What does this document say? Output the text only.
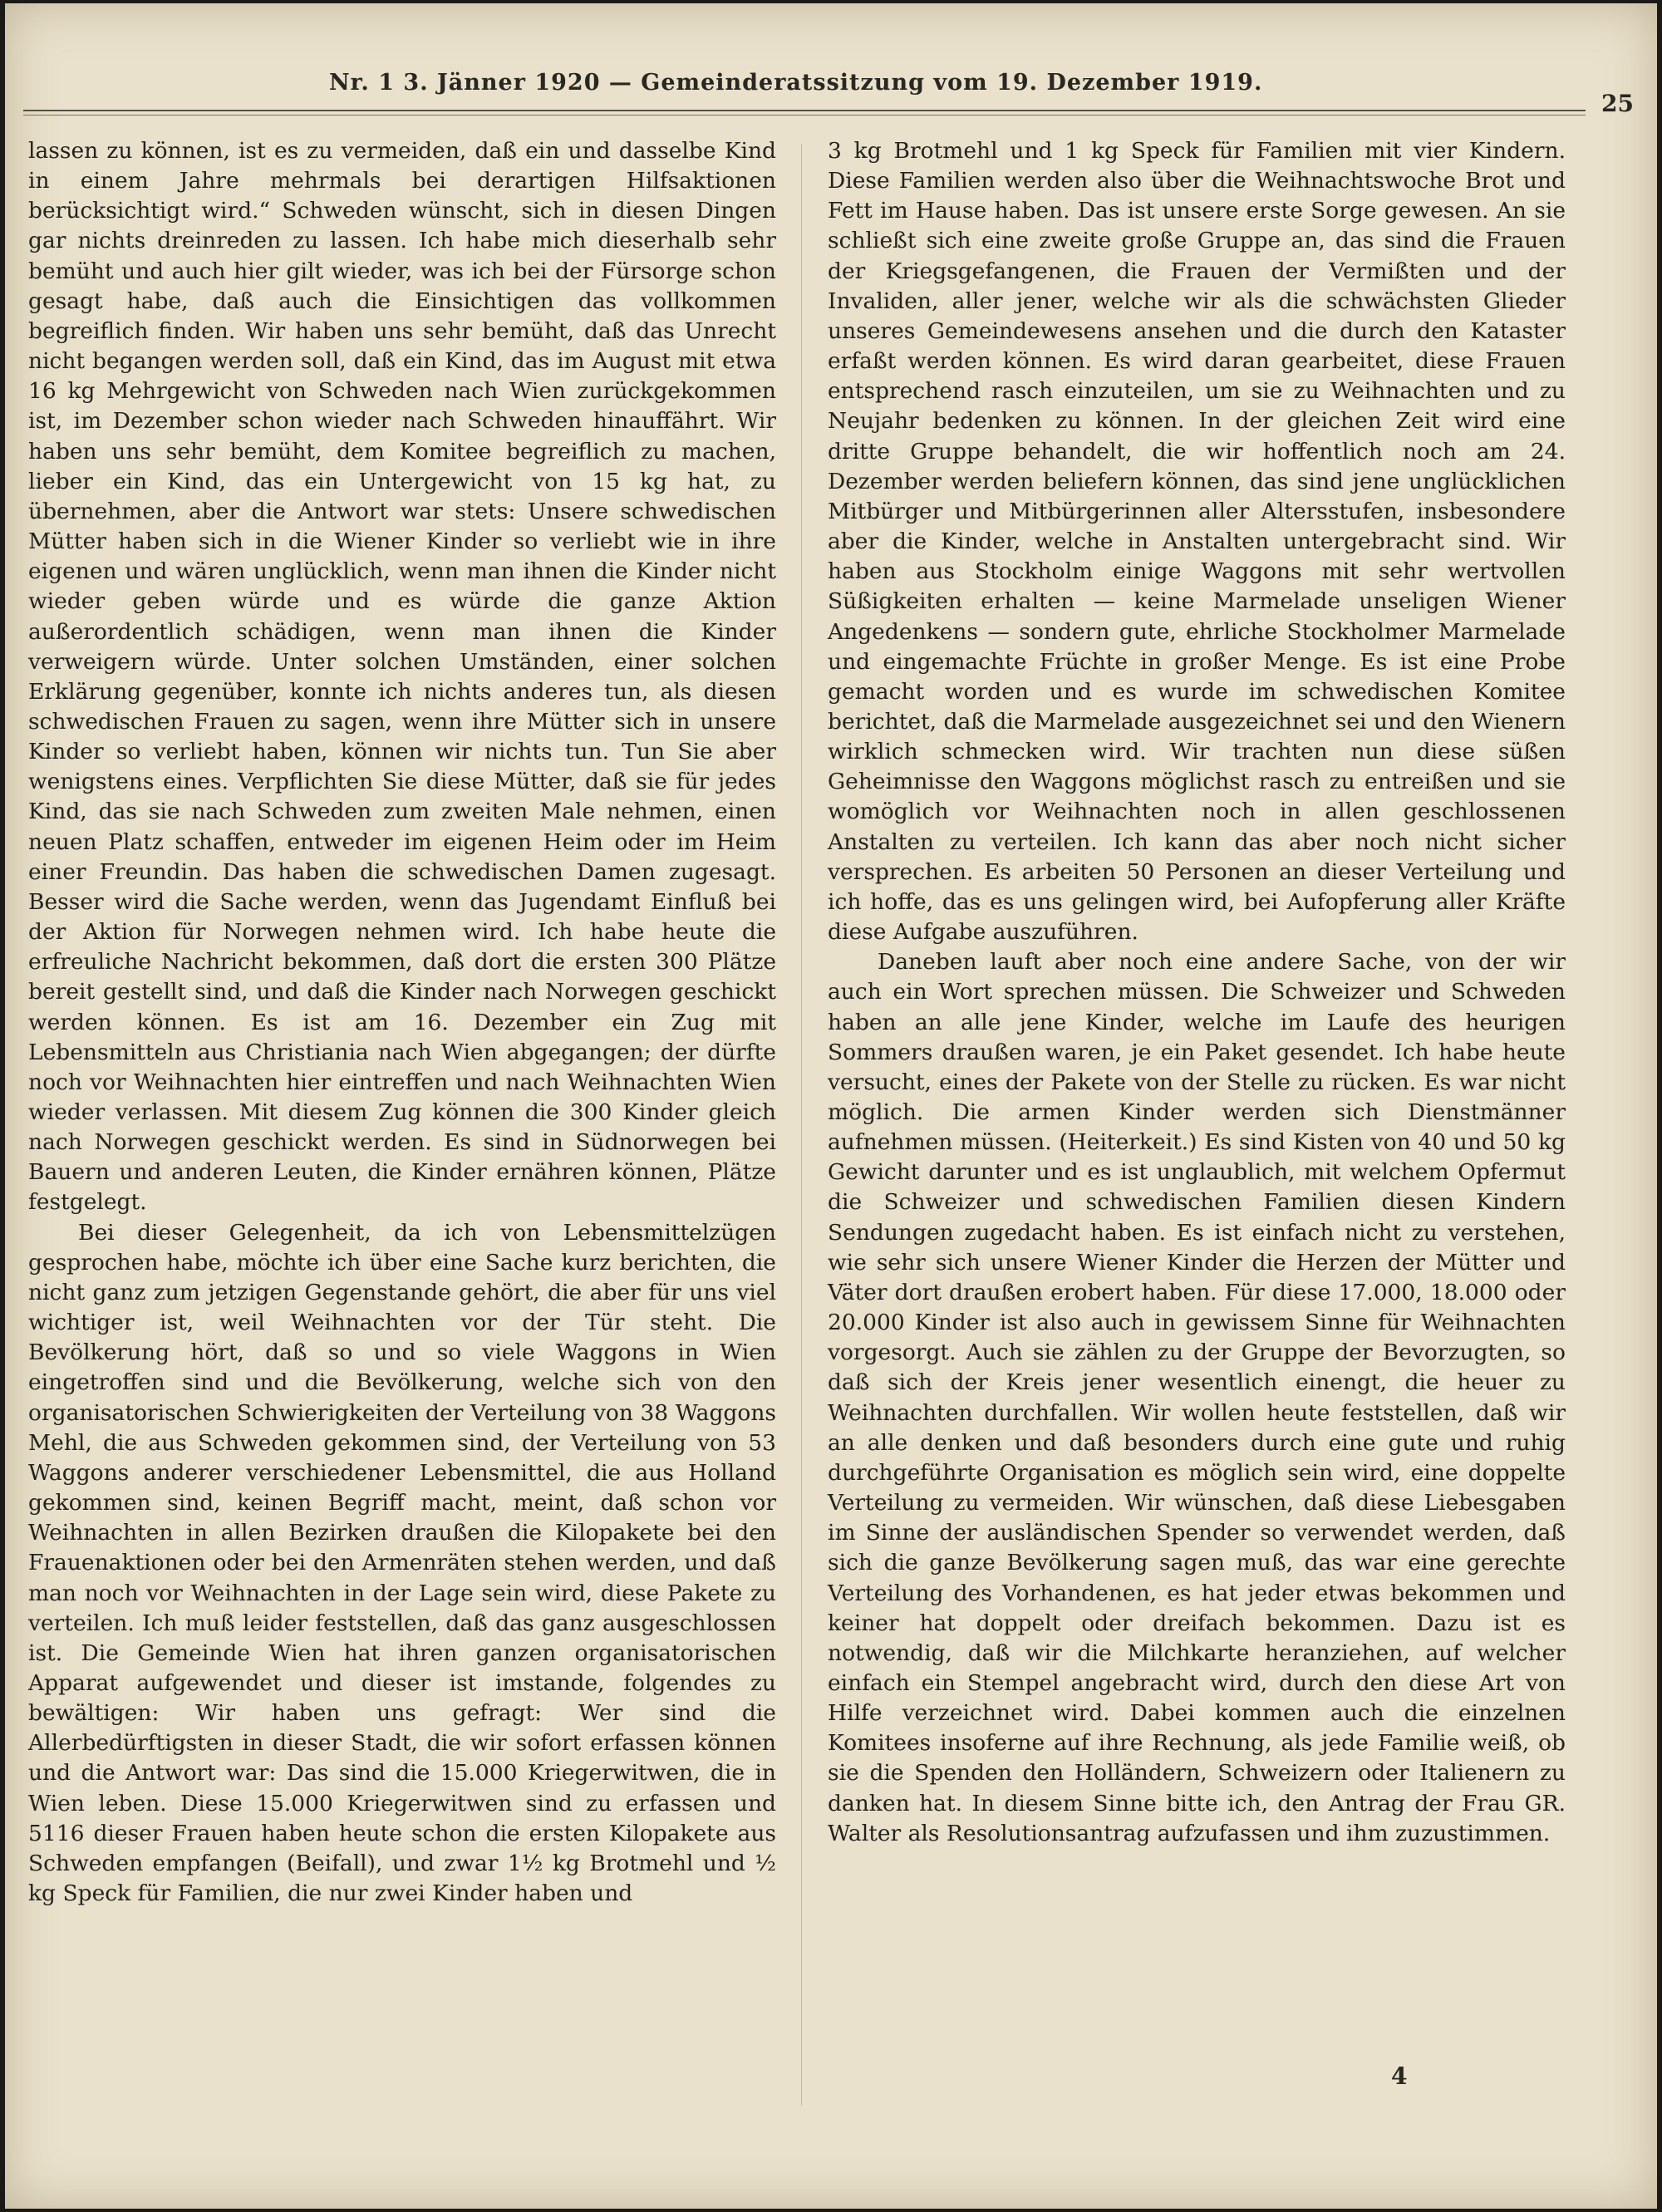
Nr. 1 3. Jänner 1920 — Gemeinderatssitzung vom 19. Dezember 1919.
25

lassen zu können, ist es zu vermeiden, daß ein und dasselbe Kind in einem Jahre mehrmals bei derartigen Hilfsaktionen berücksichtigt wird.“ Schweden wünscht, sich in diesen Dingen gar nichts dreinreden zu lassen. Ich habe mich dieserhalb sehr bemüht und auch hier gilt wieder, was ich bei der Fürsorge schon gesagt habe, daß auch die Einsichtigen das vollkommen begreiflich finden. Wir haben uns sehr bemüht, daß das Unrecht nicht begangen werden soll, daß ein Kind, das im August mit etwa 16 kg Mehrgewicht von Schweden nach Wien zurückgekommen ist, im Dezember schon wieder nach Schweden hinauffährt. Wir haben uns sehr bemüht, dem Komitee begreiflich zu machen, lieber ein Kind, das ein Untergewicht von 15 kg hat, zu übernehmen, aber die Antwort war stets: Unsere schwedischen Mütter haben sich in die Wiener Kinder so verliebt wie in ihre eigenen und wären unglücklich, wenn man ihnen die Kinder nicht wieder geben würde und es würde die ganze Aktion außerordentlich schädigen, wenn man ihnen die Kinder verweigern würde. Unter solchen Umständen, einer solchen Erklärung gegenüber, konnte ich nichts anderes tun, als diesen schwedischen Frauen zu sagen, wenn ihre Mütter sich in unsere Kinder so verliebt haben, können wir nichts tun. Tun Sie aber wenigstens eines. Verpflichten Sie diese Mütter, daß sie für jedes Kind, das sie nach Schweden zum zweiten Male nehmen, einen neuen Platz schaffen, entweder im eigenen Heim oder im Heim einer Freundin. Das haben die schwedischen Damen zugesagt. Besser wird die Sache werden, wenn das Jugendamt Einfluß bei der Aktion für Norwegen nehmen wird. Ich habe heute die erfreuliche Nachricht bekommen, daß dort die ersten 300 Plätze bereit gestellt sind, und daß die Kinder nach Norwegen geschickt werden können. Es ist am 16. Dezember ein Zug mit Lebensmitteln aus Christiania nach Wien abgegangen; der dürfte noch vor Weihnachten hier eintreffen und nach Weihnachten Wien wieder verlassen. Mit diesem Zug können die 300 Kinder gleich nach Norwegen geschickt werden. Es sind in Südnorwegen bei Bauern und anderen Leuten, die Kinder ernähren können, Plätze festgelegt.

Bei dieser Gelegenheit, da ich von Lebensmittelzügen gesprochen habe, möchte ich über eine Sache kurz berichten, die nicht ganz zum jetzigen Gegenstande gehört, die aber für uns viel wichtiger ist, weil Weihnachten vor der Tür steht. Die Bevölkerung hört, daß so und so viele Waggons in Wien eingetroffen sind und die Bevölkerung, welche sich von den organisatorischen Schwierigkeiten der Verteilung von 38 Waggons Mehl, die aus Schweden gekommen sind, der Verteilung von 53 Waggons anderer verschiedener Lebensmittel, die aus Holland gekommen sind, keinen Begriff macht, meint, daß schon vor Weihnachten in allen Bezirken draußen die Kilopakete bei den Frauenaktionen oder bei den Armenräten stehen werden, und daß man noch vor Weihnachten in der Lage sein wird, diese Pakete zu verteilen. Ich muß leider feststellen, daß das ganz ausgeschlossen ist. Die Gemeinde Wien hat ihren ganzen organisatorischen Apparat aufgewendet und dieser ist imstande, folgendes zu bewältigen: Wir haben uns gefragt: Wer sind die Allerbedürftigsten in dieser Stadt, die wir sofort erfassen können und die Antwort war: Das sind die 15.000 Kriegerwitwen, die in Wien leben. Diese 15.000 Kriegerwitwen sind zu erfassen und 5116 dieser Frauen haben heute schon die ersten Kilopakete aus Schweden empfangen (Beifall), und zwar 1½ kg Brotmehl und ½ kg Speck für Familien, die nur zwei Kinder haben und

3 kg Brotmehl und 1 kg Speck für Familien mit vier Kindern. Diese Familien werden also über die Weihnachtswoche Brot und Fett im Hause haben. Das ist unsere erste Sorge gewesen. An sie schließt sich eine zweite große Gruppe an, das sind die Frauen der Kriegsgefangenen, die Frauen der Vermißten und der Invaliden, aller jener, welche wir als die schwächsten Glieder unseres Gemeindewesens ansehen und die durch den Kataster erfaßt werden können. Es wird daran gearbeitet, diese Frauen entsprechend rasch einzuteilen, um sie zu Weihnachten und zu Neujahr bedenken zu können. In der gleichen Zeit wird eine dritte Gruppe behandelt, die wir hoffentlich noch am 24. Dezember werden beliefern können, das sind jene unglücklichen Mitbürger und Mitbürgerinnen aller Altersstufen, insbesondere aber die Kinder, welche in Anstalten untergebracht sind. Wir haben aus Stockholm einige Waggons mit sehr wertvollen Süßigkeiten erhalten — keine Marmelade unseligen Wiener Angedenkens — sondern gute, ehrliche Stockholmer Marmelade und eingemachte Früchte in großer Menge. Es ist eine Probe gemacht worden und es wurde im schwedischen Komitee berichtet, daß die Marmelade ausgezeichnet sei und den Wienern wirklich schmecken wird. Wir trachten nun diese süßen Geheimnisse den Waggons möglichst rasch zu entreißen und sie womöglich vor Weihnachten noch in allen geschlossenen Anstalten zu verteilen. Ich kann das aber noch nicht sicher versprechen. Es arbeiten 50 Personen an dieser Verteilung und ich hoffe, das es uns gelingen wird, bei Aufopferung aller Kräfte diese Aufgabe auszuführen.

Daneben lauft aber noch eine andere Sache, von der wir auch ein Wort sprechen müssen. Die Schweizer und Schweden haben an alle jene Kinder, welche im Laufe des heurigen Sommers draußen waren, je ein Paket gesendet. Ich habe heute versucht, eines der Pakete von der Stelle zu rücken. Es war nicht möglich. Die armen Kinder werden sich Dienstmänner aufnehmen müssen. (Heiterkeit.) Es sind Kisten von 40 und 50 kg Gewicht darunter und es ist unglaublich, mit welchem Opfermut die Schweizer und schwedischen Familien diesen Kindern Sendungen zugedacht haben. Es ist einfach nicht zu verstehen, wie sehr sich unsere Wiener Kinder die Herzen der Mütter und Väter dort draußen erobert haben. Für diese 17.000, 18.000 oder 20.000 Kinder ist also auch in gewissem Sinne für Weihnachten vorgesorgt. Auch sie zählen zu der Gruppe der Bevorzugten, so daß sich der Kreis jener wesentlich einengt, die heuer zu Weihnachten durchfallen. Wir wollen heute feststellen, daß wir an alle denken und daß besonders durch eine gute und ruhig durchgeführte Organisation es möglich sein wird, eine doppelte Verteilung zu vermeiden. Wir wünschen, daß diese Liebesgaben im Sinne der ausländischen Spender so verwendet werden, daß sich die ganze Bevölkerung sagen muß, das war eine gerechte Verteilung des Vorhandenen, es hat jeder etwas bekommen und keiner hat doppelt oder dreifach bekommen. Dazu ist es notwendig, daß wir die Milchkarte heranziehen, auf welcher einfach ein Stempel angebracht wird, durch den diese Art von Hilfe verzeichnet wird. Dabei kommen auch die einzelnen Komitees insoferne auf ihre Rechnung, als jede Familie weiß, ob sie die Spenden den Holländern, Schweizern oder Italienern zu danken hat. In diesem Sinne bitte ich, den Antrag der Frau GR. Walter als Resolutionsantrag aufzufassen und ihm zuzustimmen.

4
